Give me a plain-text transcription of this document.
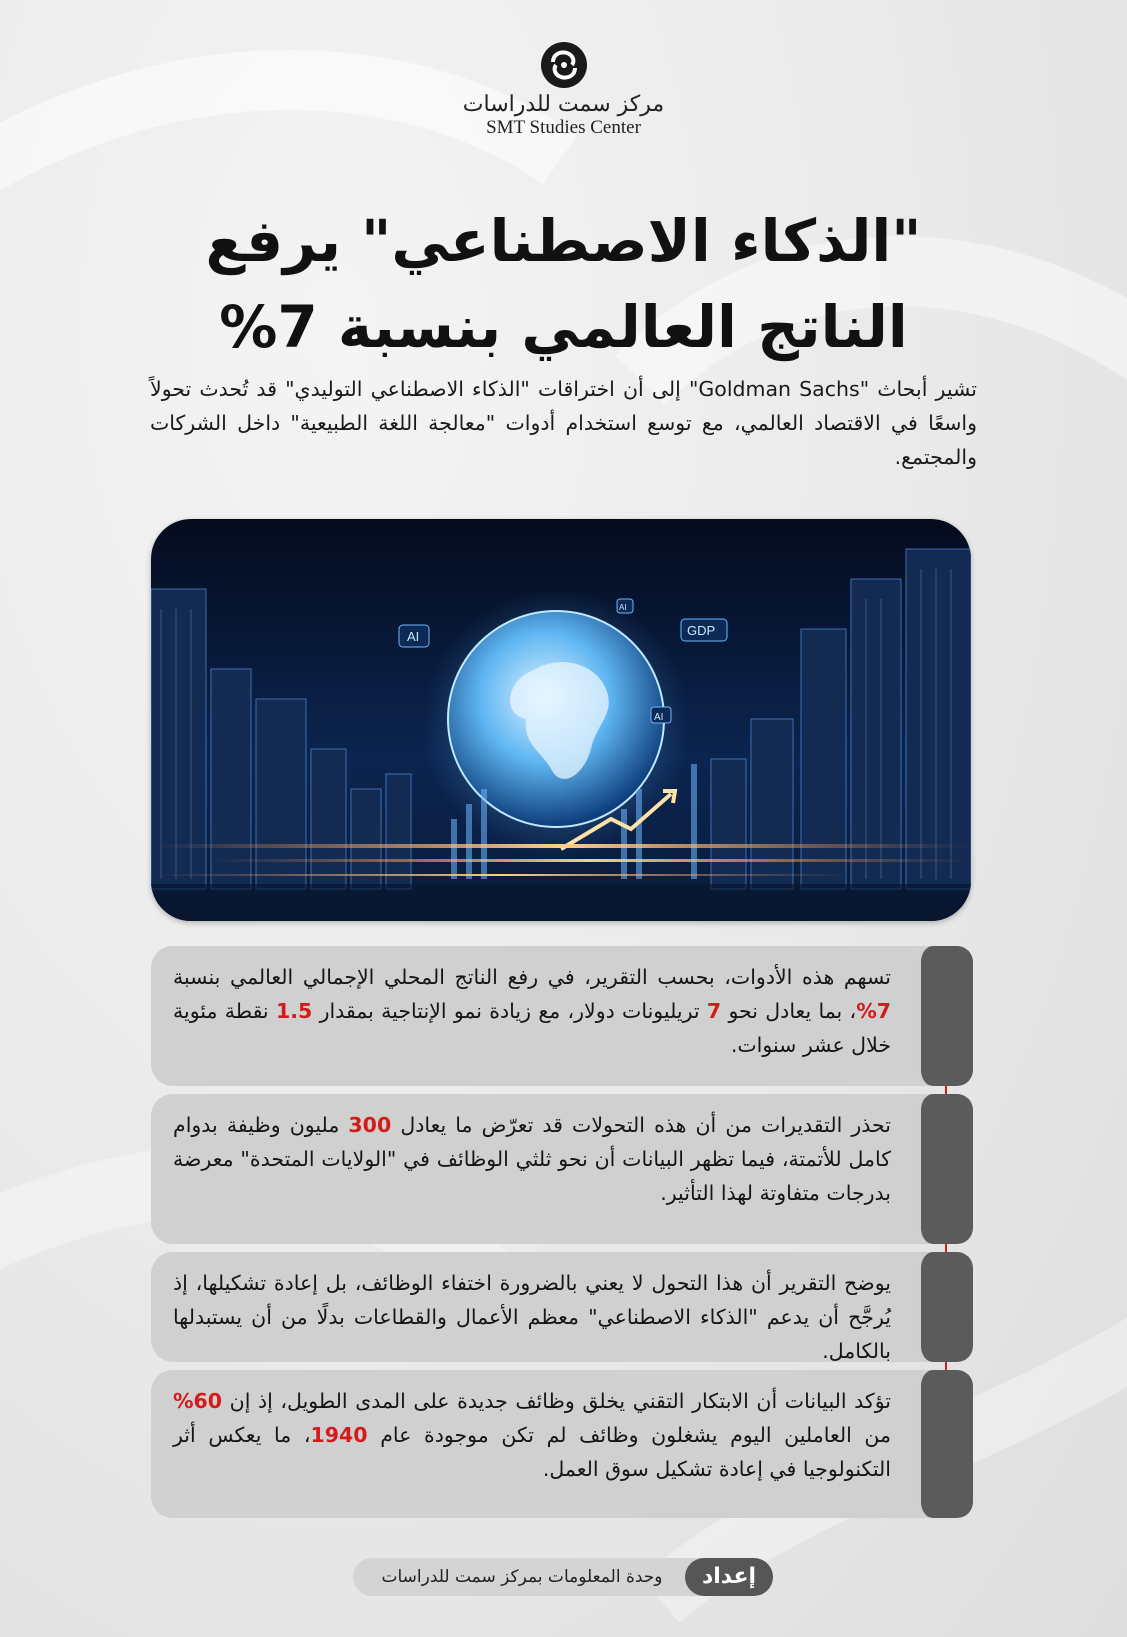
مركز سمت للدراسات
SMT Studies Center
"الذكاء الاصطناعي" يرفع
الناتج العالمي بنسبة 7%
تشير أبحاث "Goldman Sachs" إلى أن اختراقات "الذكاء الاصطناعي التوليدي" قد تُحدث تحولاً واسعًا في الاقتصاد العالمي، مع توسع استخدام أدوات "معالجة اللغة الطبيعية" داخل الشركات والمجتمع.
AI	GDP
AI
AI
تسهم هذه الأدوات، بحسب التقرير، في رفع الناتج المحلي الإجمالي العالمي بنسبة 7%، بما يعادل نحو 7 تريليونات دولار، مع زيادة نمو الإنتاجية بمقدار 1.5 نقطة مئوية خلال عشر سنوات.
تحذر التقديرات من أن هذه التحولات قد تعرّض ما يعادل 300 مليون وظيفة بدوام كامل للأتمتة، فيما تظهر البيانات أن نحو ثلثي الوظائف في "الولايات المتحدة" معرضة بدرجات متفاوتة لهذا التأثير.
يوضح التقرير أن هذا التحول لا يعني بالضرورة اختفاء الوظائف، بل إعادة تشكيلها، إذ يُرجَّح أن يدعم "الذكاء الاصطناعي" معظم الأعمال والقطاعات بدلًا من أن يستبدلها بالكامل.
تؤكد البيانات أن الابتكار التقني يخلق وظائف جديدة على المدى الطويل، إذ إن 60% من العاملين اليوم يشغلون وظائف لم تكن موجودة عام 1940، ما يعكس أثر التكنولوجيا في إعادة تشكيل سوق العمل.
إعداد
وحدة المعلومات بمركز سمت للدراسات
